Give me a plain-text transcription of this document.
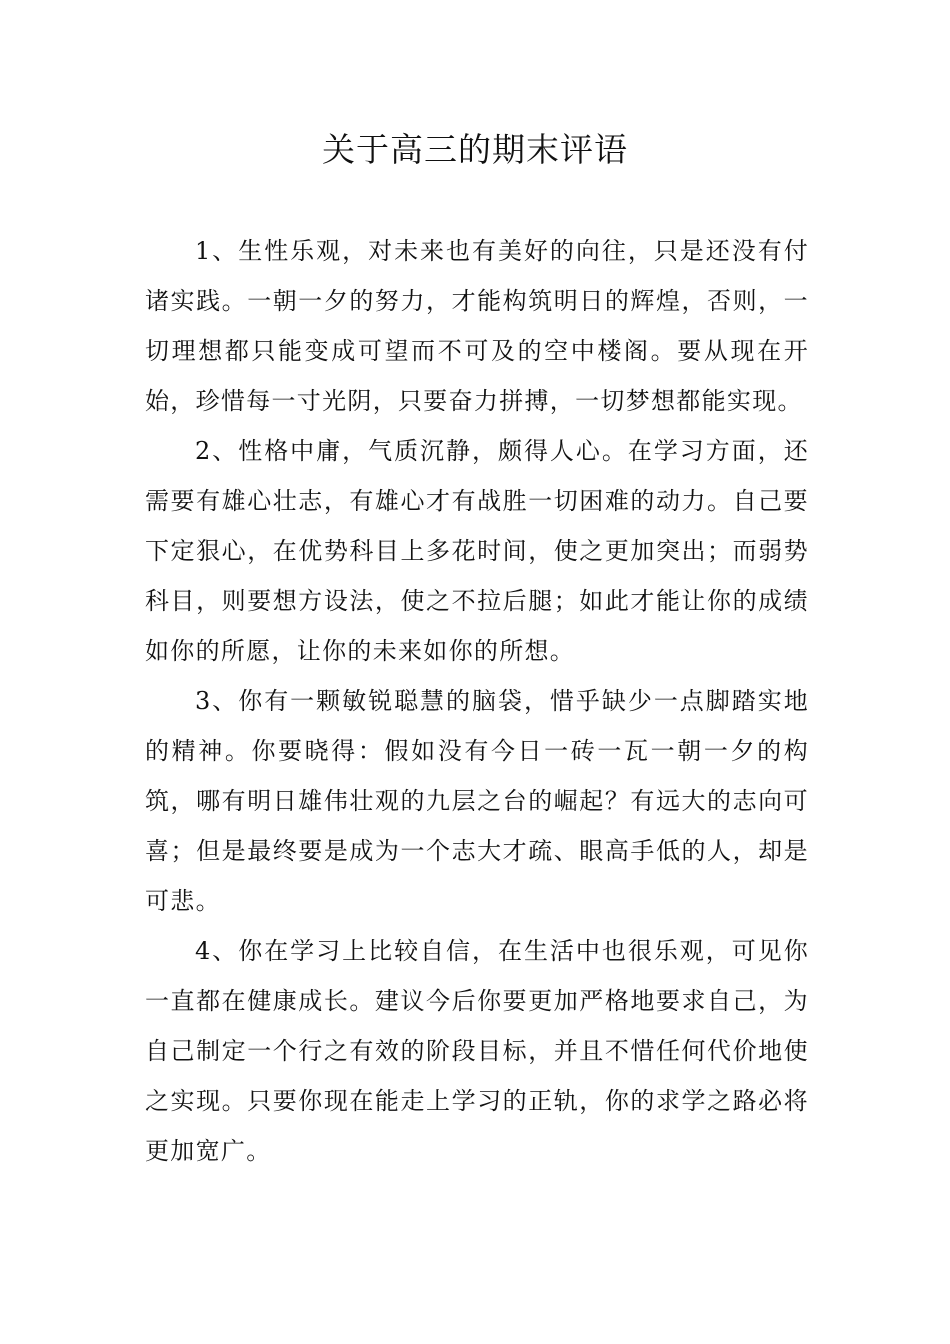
关于高三的期末评语

1、生性乐观，对未来也有美好的向往，只是还没有付诸实践。一朝一夕的努力，才能构筑明日的辉煌，否则，一切理想都只能变成可望而不可及的空中楼阁。要从现在开始，珍惜每一寸光阴，只要奋力拼搏，一切梦想都能实现。

2、性格中庸，气质沉静，颇得人心。在学习方面，还需要有雄心壮志，有雄心才有战胜一切困难的动力。自己要下定狠心，在优势科目上多花时间，使之更加突出；而弱势科目，则要想方设法，使之不拉后腿；如此才能让你的成绩如你的所愿，让你的未来如你的所想。

3、你有一颗敏锐聪慧的脑袋，惜乎缺少一点脚踏实地的精神。你要晓得：假如没有今日一砖一瓦一朝一夕的构筑，哪有明日雄伟壮观的九层之台的崛起？有远大的志向可喜；但是最终要是成为一个志大才疏、眼高手低的人，却是可悲。

4、你在学习上比较自信，在生活中也很乐观，可见你一直都在健康成长。建议今后你要更加严格地要求自己，为自己制定一个行之有效的阶段目标，并且不惜任何代价地使之实现。只要你现在能走上学习的正轨，你的求学之路必将更加宽广。
